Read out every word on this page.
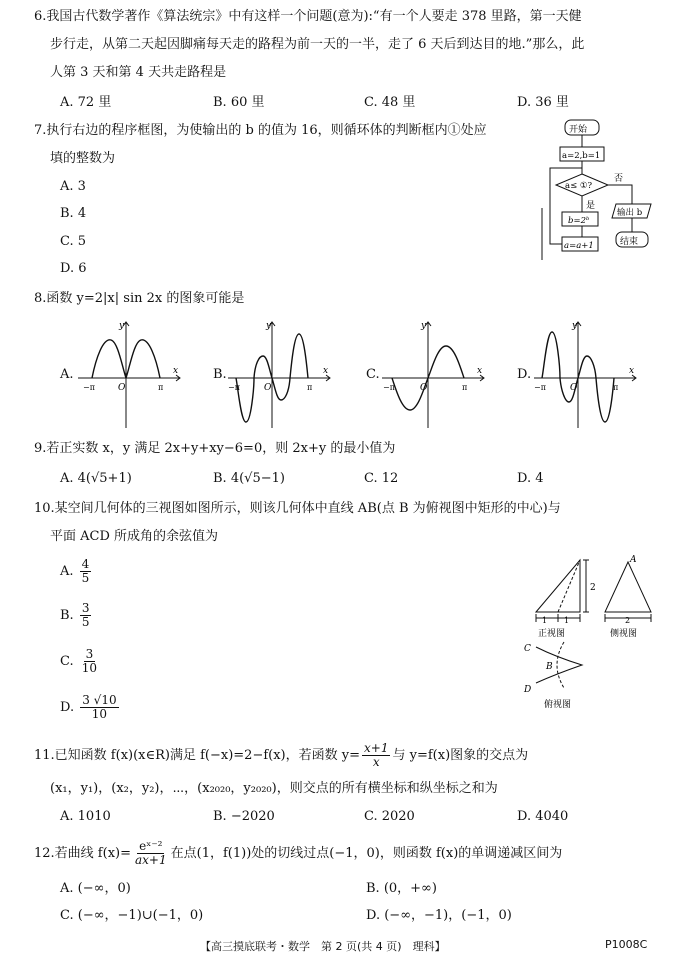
6.我国古代数学著作《算法统宗》中有这样一个问题(意为):“有一个人要走 378 里路，第一天健
步行走，从第二天起因脚痛每天走的路程为前一天的一半，走了 6 天后到达目的地.”那么，此
人第 3 天和第 4 天共走路程是
A. 72 里	B. 60 里	C. 48 里	D. 36 里
7.执行右边的程序框图，为使输出的 b 的值为 16，则循环体的判断框内①处应
填的整数为
A. 3
B. 4
C. 5
D. 6
开始
a=2,b=1
a≤ ①?
否
是
b=2ᵇ
a=a+1
输出 b
结束
8.函数 y=2|x| sin 2x 的图象可能是
A.	B.	C.	D.
y
x
O
−π	π
y
x
O
−π	π
y
x
O
−π	π
y
x
O
−π	π
9.若正实数 x，y 满足 2x+y+xy−6=0，则 2x+y 的最小值为
A. 4(√5+1)	B. 4(√5−1)	C. 12	D. 4
10.某空间几何体的三视图如图所示，则该几何体中直线 AB(点 B 为俯视图中矩形的中心)与
平面 ACD 所成角的余弦值为
A. $\frac{4}{5}$
B. $\frac{3}{5}$
C. $\frac{3}{10}$
D. $\frac{3 √10}{10}$
1 1
2
2
A
C
B
D
正视图	侧视图
俯视图
11.已知函数 f(x)(x∈R)满足 f(−x)=2−f(x)，若函数 $y= \frac{x+1}{x}$ 与 y=f(x)图象的交点为
(x₁，y₁)，(x₂，y₂)，⋯，(x₂₀₂₀，y₂₀₂₀)，则交点的所有横坐标和纵坐标之和为
A. 1010	B. −2020	C. 2020	D. 4040
12.若曲线 $f(x)= \frac{\text{eˣ⁻²}}{ax+1}$ 在点(1，f(1))处的切线过点(−1，0)，则函数 f(x)的单调递减区间为
A. (−∞，0)	B. (0，+∞)
C. (−∞，−1)∪(−1，0)	D. (−∞，−1)，(−1，0)
【高三摸底联考・数学　第 2 页(共 4 页)　理科】	P1008C
